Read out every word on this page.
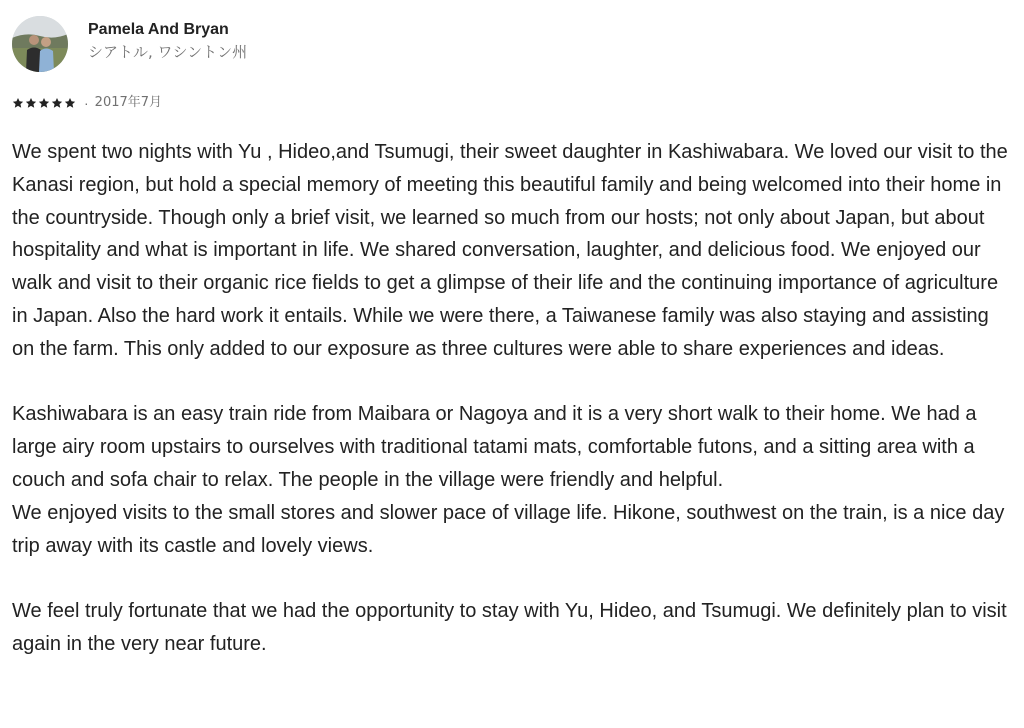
Pamela And Bryan
シアトル, ワシントン州
· 2017年7月

We spent two nights with Yu , Hideo,and Tsumugi, their sweet daughter in Kashiwabara. We loved our visit to the Kanasi region, but hold a special memory of meeting this beautiful family and being welcomed into their home in the countryside. Though only a brief visit, we learned so much from our hosts; not only about Japan, but about hospitality and what is important in life. We shared conversation, laughter, and delicious food. We enjoyed our walk and visit to their organic rice fields to get a glimpse of their life and the continuing importance of agriculture in Japan. Also the hard work it entails. While we were there, a Taiwanese family was also staying and assisting on the farm. This only added to our exposure as three cultures were able to share experiences and ideas.

Kashiwabara is an easy train ride from Maibara or Nagoya and it is a very short walk to their home. We had a large airy room upstairs to ourselves with traditional tatami mats, comfortable futons, and a sitting area with a couch and sofa chair to relax. The people in the village were friendly and helpful.

We enjoyed visits to the small stores and slower pace of village life. Hikone, southwest on the train, is a nice day trip away with its castle and lovely views.

We feel truly fortunate that we had the opportunity to stay with Yu, Hideo, and Tsumugi. We definitely plan to visit again in the very near future.
